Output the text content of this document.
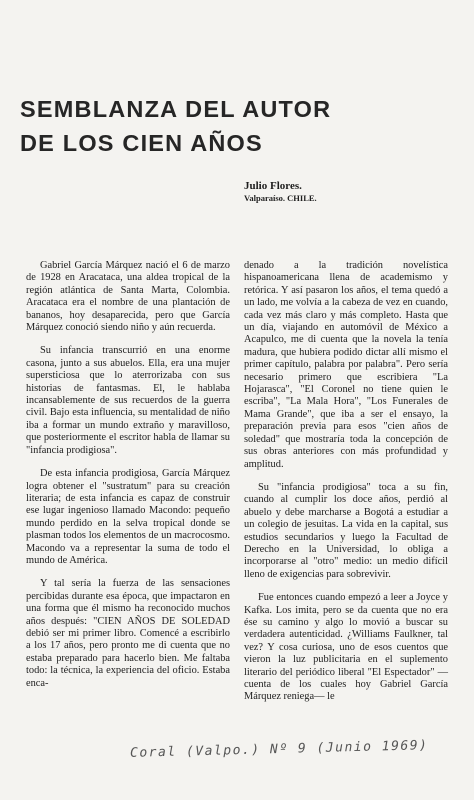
SEMBLANZA DEL AUTOR
DE LOS CIEN AÑOS
Julio Flores.
Valparaíso. CHILE.

Gabriel García Márquez nació el 6 de marzo de 1928 en Aracataca, una aldea tropical de la región atlántica de Santa Marta, Colombia. Aracataca era el nombre de una plantación de bananos, hoy desaparecida, pero que García Márquez conoció siendo niño y aún recuerda.

Su infancia transcurrió en una enorme casona, junto a sus abuelos. Ella, era una mujer supersticiosa que lo aterrorizaba con sus historias de fantasmas. El, le hablaba incansablemente de sus recuerdos de la guerra civil. Bajo esta influencia, su mentalidad de niño iba a formar un mundo extraño y maravilloso, que posteriormente el escritor habla de llamar su "infancia prodigiosa".

De esta infancia prodigiosa, García Márquez logra obtener el "sustratum" para su creación literaria; de esta infancia es capaz de construir ese lugar ingenioso llamado Macondo: pequeño mundo perdido en la selva tropical donde se plasman todos los elementos de un macrocosmo. Macondo va a representar la suma de todo el mundo de América.

Y tal sería la fuerza de las sensaciones percibidas durante esa época, que impactaron en una forma que él mismo ha reconocido muchos años después: "CIEN AÑOS DE SOLEDAD debió ser mi primer libro. Comencé a escribirlo a los 17 años, pero pronto me di cuenta que no estaba preparado para hacerlo bien. Me faltaba todo: la técnica, la experiencia del oficio. Estaba enca-

denado a la tradición novelística hispanoamericana llena de academismo y retórica. Y así pasaron los años, el tema quedó a un lado, me volvía a la cabeza de vez en cuando, cada vez más claro y más completo. Hasta que un día, viajando en automóvil de México a Acapulco, me di cuenta que la novela la tenía madura, que hubiera podido dictar allí mismo el primer capítulo, palabra por palabra". Pero sería necesario primero que escribiera "La Hojarasca", "El Coronel no tiene quien le escriba", "La Mala Hora", "Los Funerales de Mama Grande", que iba a ser el ensayo, la preparación previa para esos "cien años de soledad" que mostraría toda la concepción de sus obras anteriores con más profundidad y amplitud.

Su "infancia prodigiosa" toca a su fin, cuando al cumplir los doce años, perdió al abuelo y debe marcharse a Bogotá a estudiar a un colegio de jesuitas. La vida en la capital, sus estudios secundarios y luego la Facultad de Derecho en la Universidad, lo obliga a incorporarse al "otro" medio: un medio difícil lleno de exigencias para sobrevivir.

Fue entonces cuando empezó a leer a Joyce y Kafka. Los imita, pero se da cuenta que no era ése su camino y algo lo movió a buscar su verdadera autenticidad. ¿Williams Faulkner, tal vez? Y cosa curiosa, uno de esos cuentos que vieron la luz publicitaria en el suplemento literario del periódico liberal "El Espectador" —cuenta de los cuales hoy Gabriel García Márquez reniega— le

Coral (Valpo.) Nº 9 (Junio 1969)
